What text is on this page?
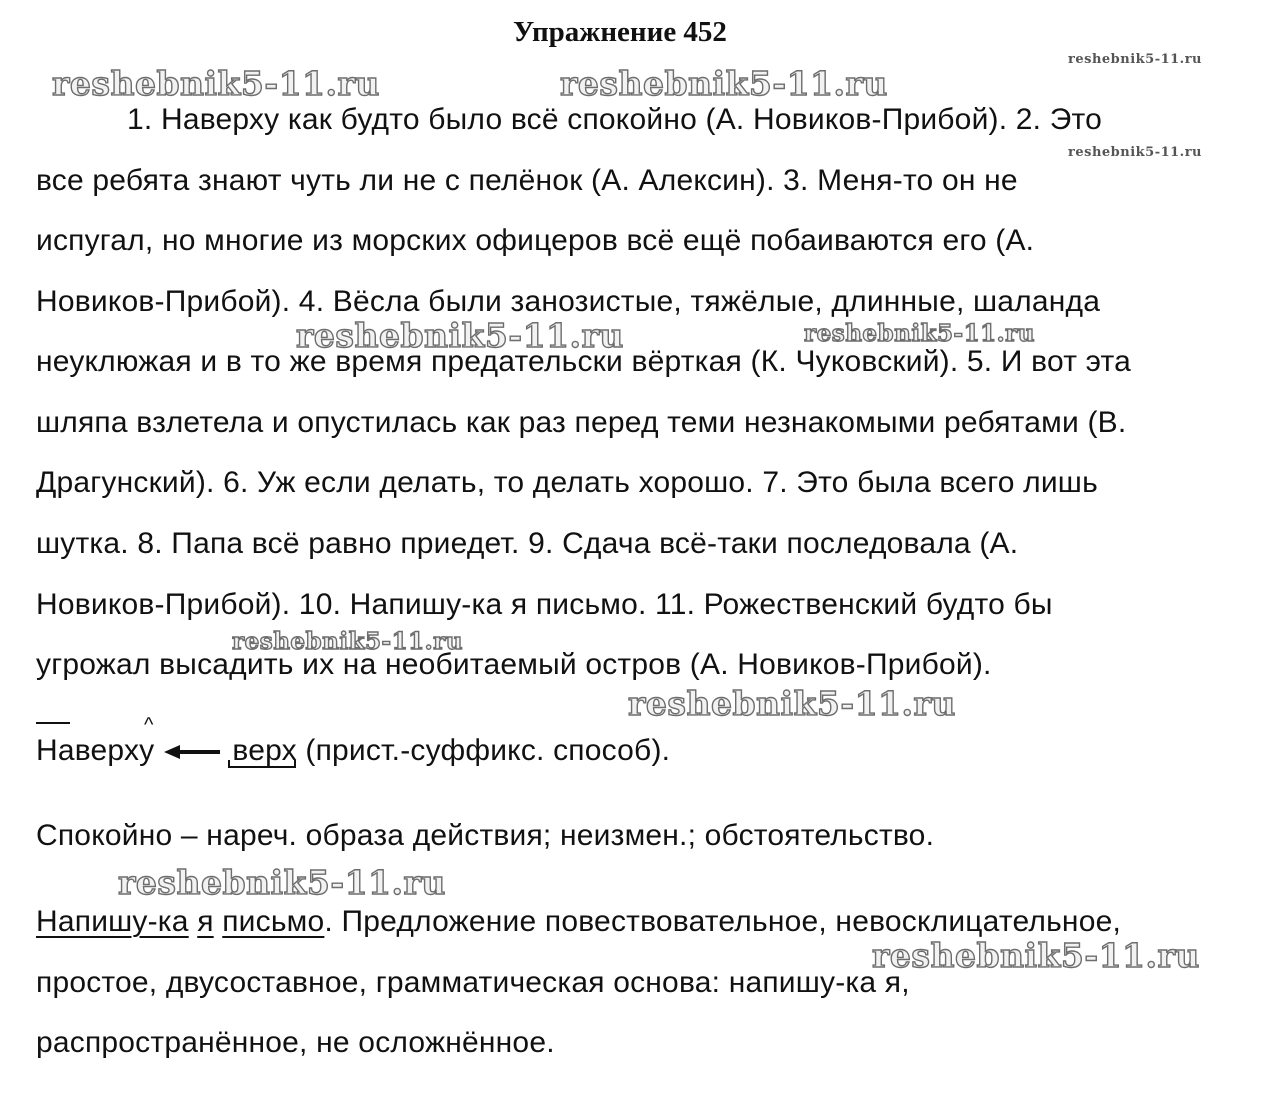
Упражнение 452
reshebnik5-11.ru	reshebnik5-11.ru
reshebnik5-11.ru
reshebnik5-11.ru
reshebnik5-11.ru	reshebnik5-11.ru
reshebnik5-11.ru
reshebnik5-11.ru
reshebnik5-11.ru
reshebnik5-11.ru
1. Наверху как будто было всё спокойно (А. Новиков-Прибой). 2. Это
все ребята знают чуть ли не с пелёнок (А. Алексин). 3. Меня-то он не
испугал, но многие из морских офицеров всё ещё побаиваются его (А.
Новиков-Прибой). 4. Вёсла были занозистые, тяжёлые, длинные, шаланда
неуклюжая и в то же время предательски вёрткая (К. Чуковский). 5. И вот эта
шляпа взлетела и опустилась как раз перед теми незнакомыми ребятами (В.
Драгунский). 6. Уж если делать, то делать хорошо. 7. Это была всего лишь
шутка. 8. Папа всё равно приедет. 9. Сдача всё-таки последовала (А.
Новиков-Прибой). 10. Напишу-ка я письмо. 11. Рожественский будто бы
угрожал высадить их на необитаемый остров (А. Новиков-Прибой).
^
Наверху	верх (прист.-суффикс. способ).
Спокойно – нареч. образа действия; неизмен.; обстоятельство.
Напишу-ка я письмо. Предложение повествовательное, невосклицательное,
простое, двусоставное, грамматическая основа: напишу-ка я,
распространённое, не осложнённое.
